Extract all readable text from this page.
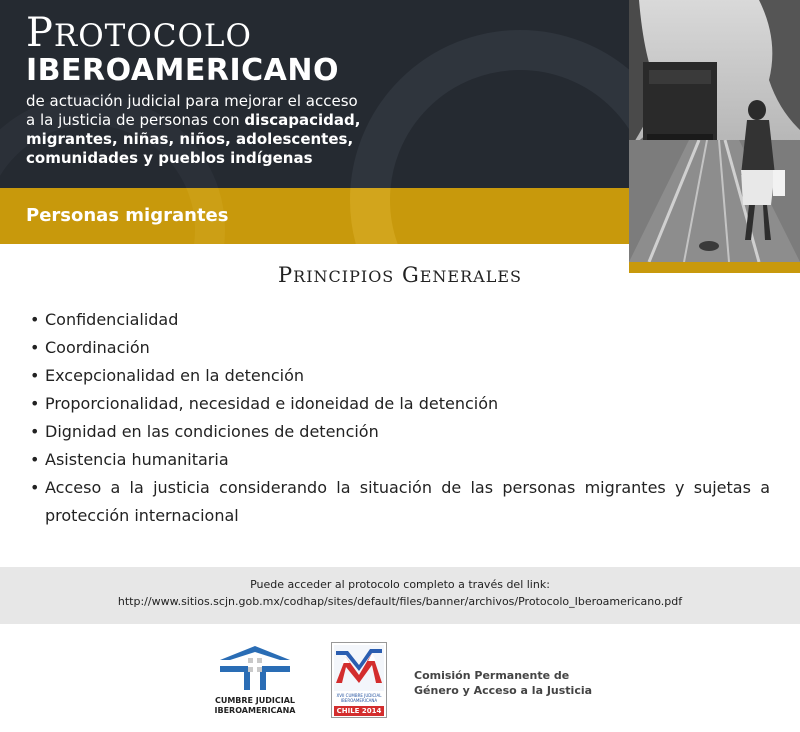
PROTOCOLO
IBEROAMERICANO
de actuación judicial para mejorar el acceso a la justicia de personas con discapacidad, migrantes, niñas, niños, adolescentes, comunidades y pueblos indígenas
Personas migrantes
PRINCIPIOS GENERALES
• Confidencialidad
• Coordinación
• Excepcionalidad en la detención
• Proporcionalidad, necesidad e idoneidad de la detención
• Dignidad en las condiciones de detención
• Asistencia humanitaria
• Acceso a la justicia considerando la situación de las personas migrantes y sujetas a protección internacional
Puede acceder al protocolo completo a través del link:
http://www.sitios.scjn.gob.mx/codhap/sites/default/files/banner/archivos/Protocolo_Iberoamericano.pdf
CUMBRE JUDICIAL
IBEROAMERICANA
XVII CUMBRE JUDICIAL IBEROAMERICANA
CHILE 2014
Comisión Permanente de
Género y Acceso a la Justicia
